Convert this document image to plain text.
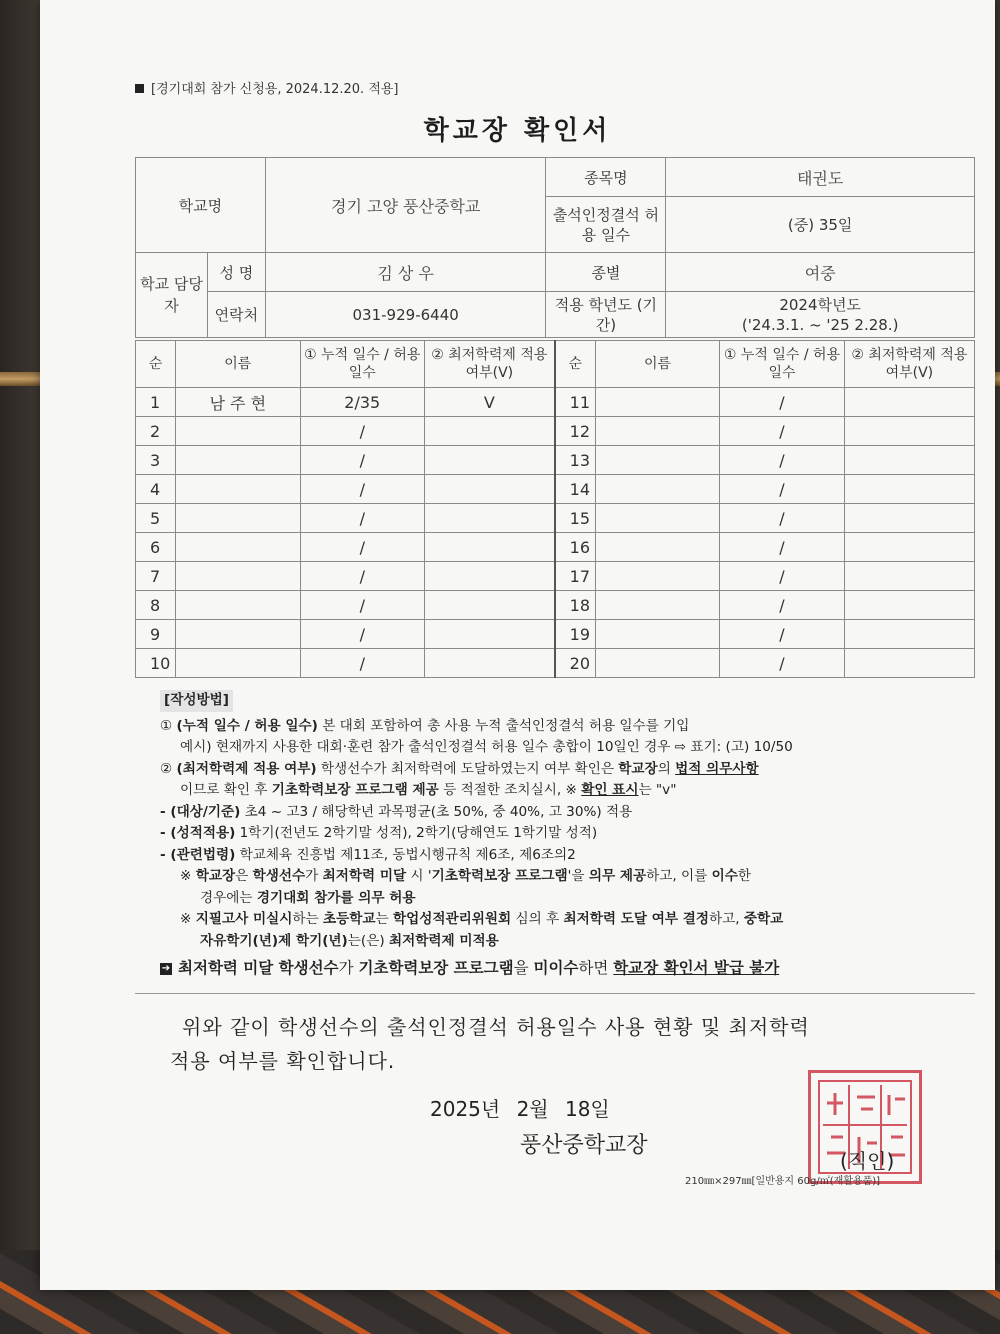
[경기대회 참가 신청용, 2024.12.20. 적용]
학교장 확인서
학교명		경기 고양 풍산중학교	종목명	태권도
			출석인정결석 허용 일수	(중) 35일
학교 담당자	성 명	김 상 우	종별	여중
	연락처	031-929-6440	적용 학년도 (기간)	2024학년도
('24.3.1. ~ '25 2.28.)
순	이름	① 누적 일수 / 허용 일수	② 최저학력제 적용 여부(V)	순	이름	① 누적 일수 / 허용 일수	② 최저학력제 적용 여부(V)
1	남 주 현	2/35	V	11		/	
2		/		12		/	
3		/		13		/	
4		/		14		/	
5		/		15		/	
6		/		16		/	
7		/		17		/	
8		/		18		/	
9		/		19		/	
10		/		20		/	
[작성방법]

① (누적 일수 / 허용 일수) 본 대회 포함하여 총 사용 누적 출석인정결석 허용 일수를 기입

예시) 현재까지 사용한 대회·훈련 참가 출석인정결석 허용 일수 총합이 10일인 경우 ⇨ 표기: (고) 10/50

② (최저학력제 적용 여부) 학생선수가 최저학력에 도달하였는지 여부 확인은 학교장의 법적 의무사항

이므로 확인 후 기초학력보장 프로그램 제공 등 적절한 조치실시, ※ 확인 표시는 "v"

- (대상/기준) 초4 ~ 고3 / 해당학년 과목평균(초 50%, 중 40%, 고 30%) 적용

- (성적적용) 1학기(전년도 2학기말 성적), 2학기(당해연도 1학기말 성적)

- (관련법령) 학교체육 진흥법 제11조, 동법시행규칙 제6조, 제6조의2

※ 학교장은 학생선수가 최저학력 미달 시 '기초학력보장 프로그램'을 의무 제공하고, 이를 이수한

경우에는 경기대회 참가를 의무 허용

※ 지필고사 미실시하는 초등학교는 학업성적관리위원회 심의 후 최저학력 도달 여부 결정하고, 중학교

자유학기(년)제 학기(년)는(은) 최저학력제 미적용

➔ 최저학력 미달 학생선수가 기초학력보장 프로그램을 미이수하면 학교장 확인서 발급 불가

위와 같이 학생선수의 출석인정결석 허용일수 사용 현황 및 최저학력
적용 여부를 확인합니다.
2025년 2월 18일
풍산중학교장
(직인)
210㎜×297㎜[일반용지 60g/㎡(재활용품)]
